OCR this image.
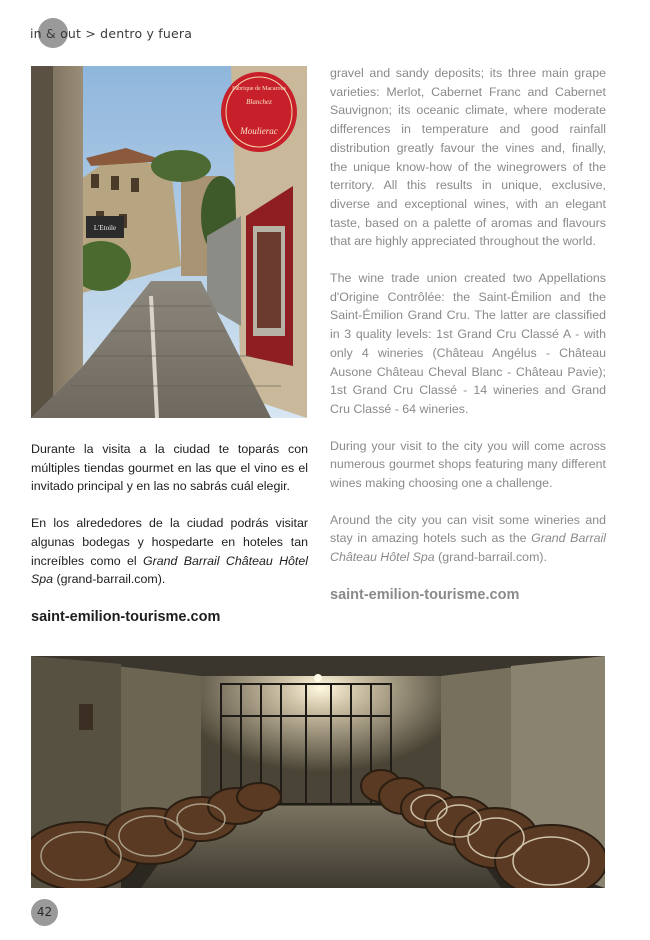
in & out > dentro y fuera
Fabrique de Macarons
Blanchez
Moulierac
L'Etoile

Durante la visita a la ciudad te toparás con múltiples tiendas gourmet en las que el vino es el invitado principal y en las no sabrás cuál elegir.

En los alrededores de la ciudad podrás visitar algunas bodegas y hospedarte en hoteles tan increíbles como el Grand Barrail Château Hôtel Spa (grand-barrail.com).

saint-emilion-tourisme.com

gravel and sandy deposits; its three main grape varieties: Merlot, Cabernet Franc and Cabernet Sauvignon; its oceanic climate, where moderate differences in temperature and good rainfall distribution greatly favour the vines and, finally, the unique know-how of the winegrowers of the territory. All this results in unique, exclusive, diverse and exceptional wines, with an elegant taste, based on a palette of aromas and flavours that are highly appreciated throughout the world.

The wine trade union created two Appellations d'Origine Contrôlée: the Saint-Émilion and the Saint-Émilion Grand Cru. The latter are classified in 3 quality levels: 1st Grand Cru Classé A - with only 4 wineries (Château Angélus - Château Ausone Château Cheval Blanc - Château Pavie); 1st Grand Cru Classé - 14 wineries and Grand Cru Classé - 64 wineries.

During your visit to the city you will come across numerous gourmet shops featuring many different wines making choosing one a challenge.

Around the city you can visit some wineries and stay in amazing hotels such as the Grand Barrail Château Hôtel Spa (grand-barrail.com).

saint-emilion-tourisme.com
42
